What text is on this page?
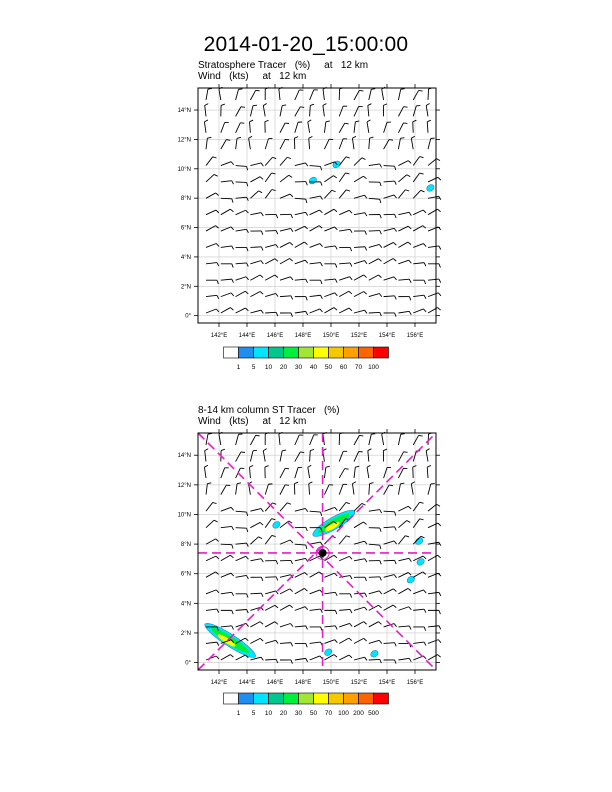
2014-01-20_15:00:00
Stratosphere Tracer   (%)     at   12 km
Wind   (kts)     at   12 km
8-14 km column ST Tracer   (%)
Wind   (kts)     at   12 km
142°E 144°E 146°E 148°E 150°E 152°E 154°E 156°E
0°
2°N
4°N
6°N
8°N
10°N
12°N
14°N
1 5 10 20 30 40 50 60 70 100
142°E 144°E 146°E 148°E 150°E 152°E 154°E 156°E
0°
2°N
4°N
6°N
8°N
10°N
12°N
14°N
1 5 10 20 30 50 70 100 200 500
